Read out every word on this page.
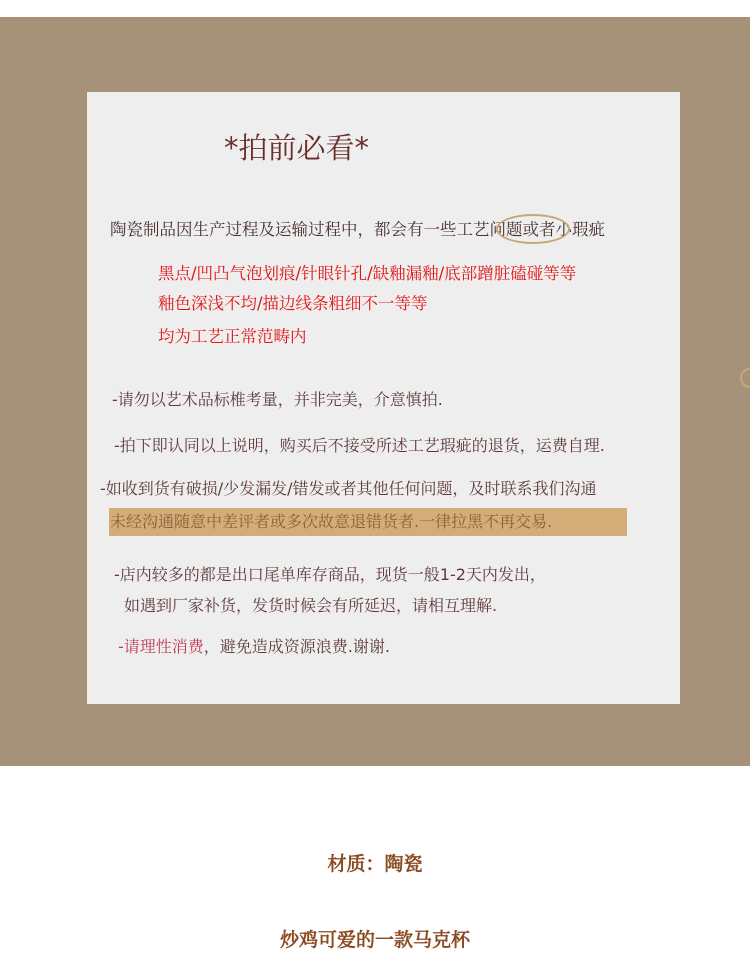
*拍前必看*
陶瓷制品因生产过程及运输过程中，都会有一些工艺问题或者小瑕疵
黑点/凹凸气泡划痕/针眼针孔/缺釉漏釉/底部蹭脏磕碰等等
釉色深浅不均/描边线条粗细不一等等
均为工艺正常范畴内
-请勿以艺术品标椎考量，并非完美，介意慎拍.
-拍下即认同以上说明，购买后不接受所述工艺瑕疵的退货，运费自理.
-如收到货有破损/少发漏发/错发或者其他任何问题，及时联系我们沟通
未经沟通随意中差评者或多次故意退错货者.一律拉黑不再交易.
-店内较多的都是出口尾单库存商品，现货一般1-2天内发出，
如遇到厂家补货，发货时候会有所延迟，请相互理解.
-请理性消费，避免造成资源浪费.谢谢.
材质：陶瓷
炒鸡可爱的一款马克杯
